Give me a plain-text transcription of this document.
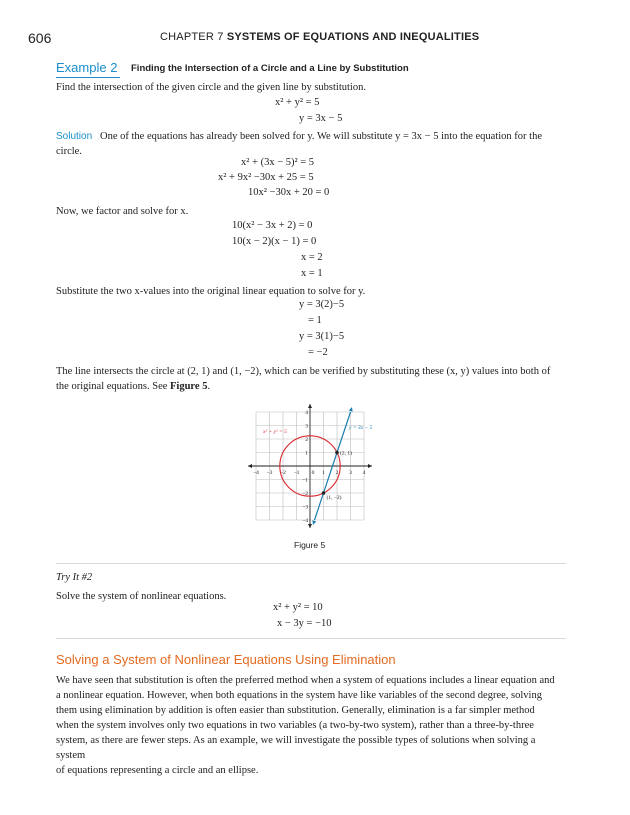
606	CHAPTER 7 SYSTEMS OF EQUATIONS AND INEQUALITIES
Example 2 Finding the Intersection of a Circle and a Line by Substitution
Find the intersection of the given circle and the given line by substitution.
x² + y² = 5
y = 3x − 5
Solution One of the equations has already been solved for y. We will substitute y = 3x − 5 into the equation for the
circle.
x² + (3x − 5)² = 5
x² + 9x² −30x + 25 = 5
10x² −30x + 20 = 0
Now, we factor and solve for x.
10(x² − 3x + 2) = 0
10(x − 2)(x − 1) = 0
x = 2
x = 1
Substitute the two x-values into the original linear equation to solve for y.
y = 3(2)−5
= 1
y = 3(1)−5
= −2
The line intersects the circle at (2, 1) and (1, −2), which can be verified by substituting these (x, y) values into both of
the original equations. See Figure 5.
−4 −3 −2 −1 0 1 2 3 4
4
3
2
1
−1
−2
−3
−4
(2, 1)
(1, −2)
x² + y² = 5
y = 3x − 5
Figure 5
Try It #2
Solve the system of nonlinear equations.
x² + y² = 10
x − 3y = −10
Solving a System of Nonlinear Equations Using Elimination
We have seen that substitution is often the preferred method when a system of equations includes a linear equation and
a nonlinear equation. However, when both equations in the system have like variables of the second degree, solving
them using elimination by addition is often easier than substitution. Generally, elimination is a far simpler method
when the system involves only two equations in two variables (a two-by-two system), rather than a three-by-three
system, as there are fewer steps. As an example, we will investigate the possible types of solutions when solving a system
of equations representing a circle and an ellipse.
